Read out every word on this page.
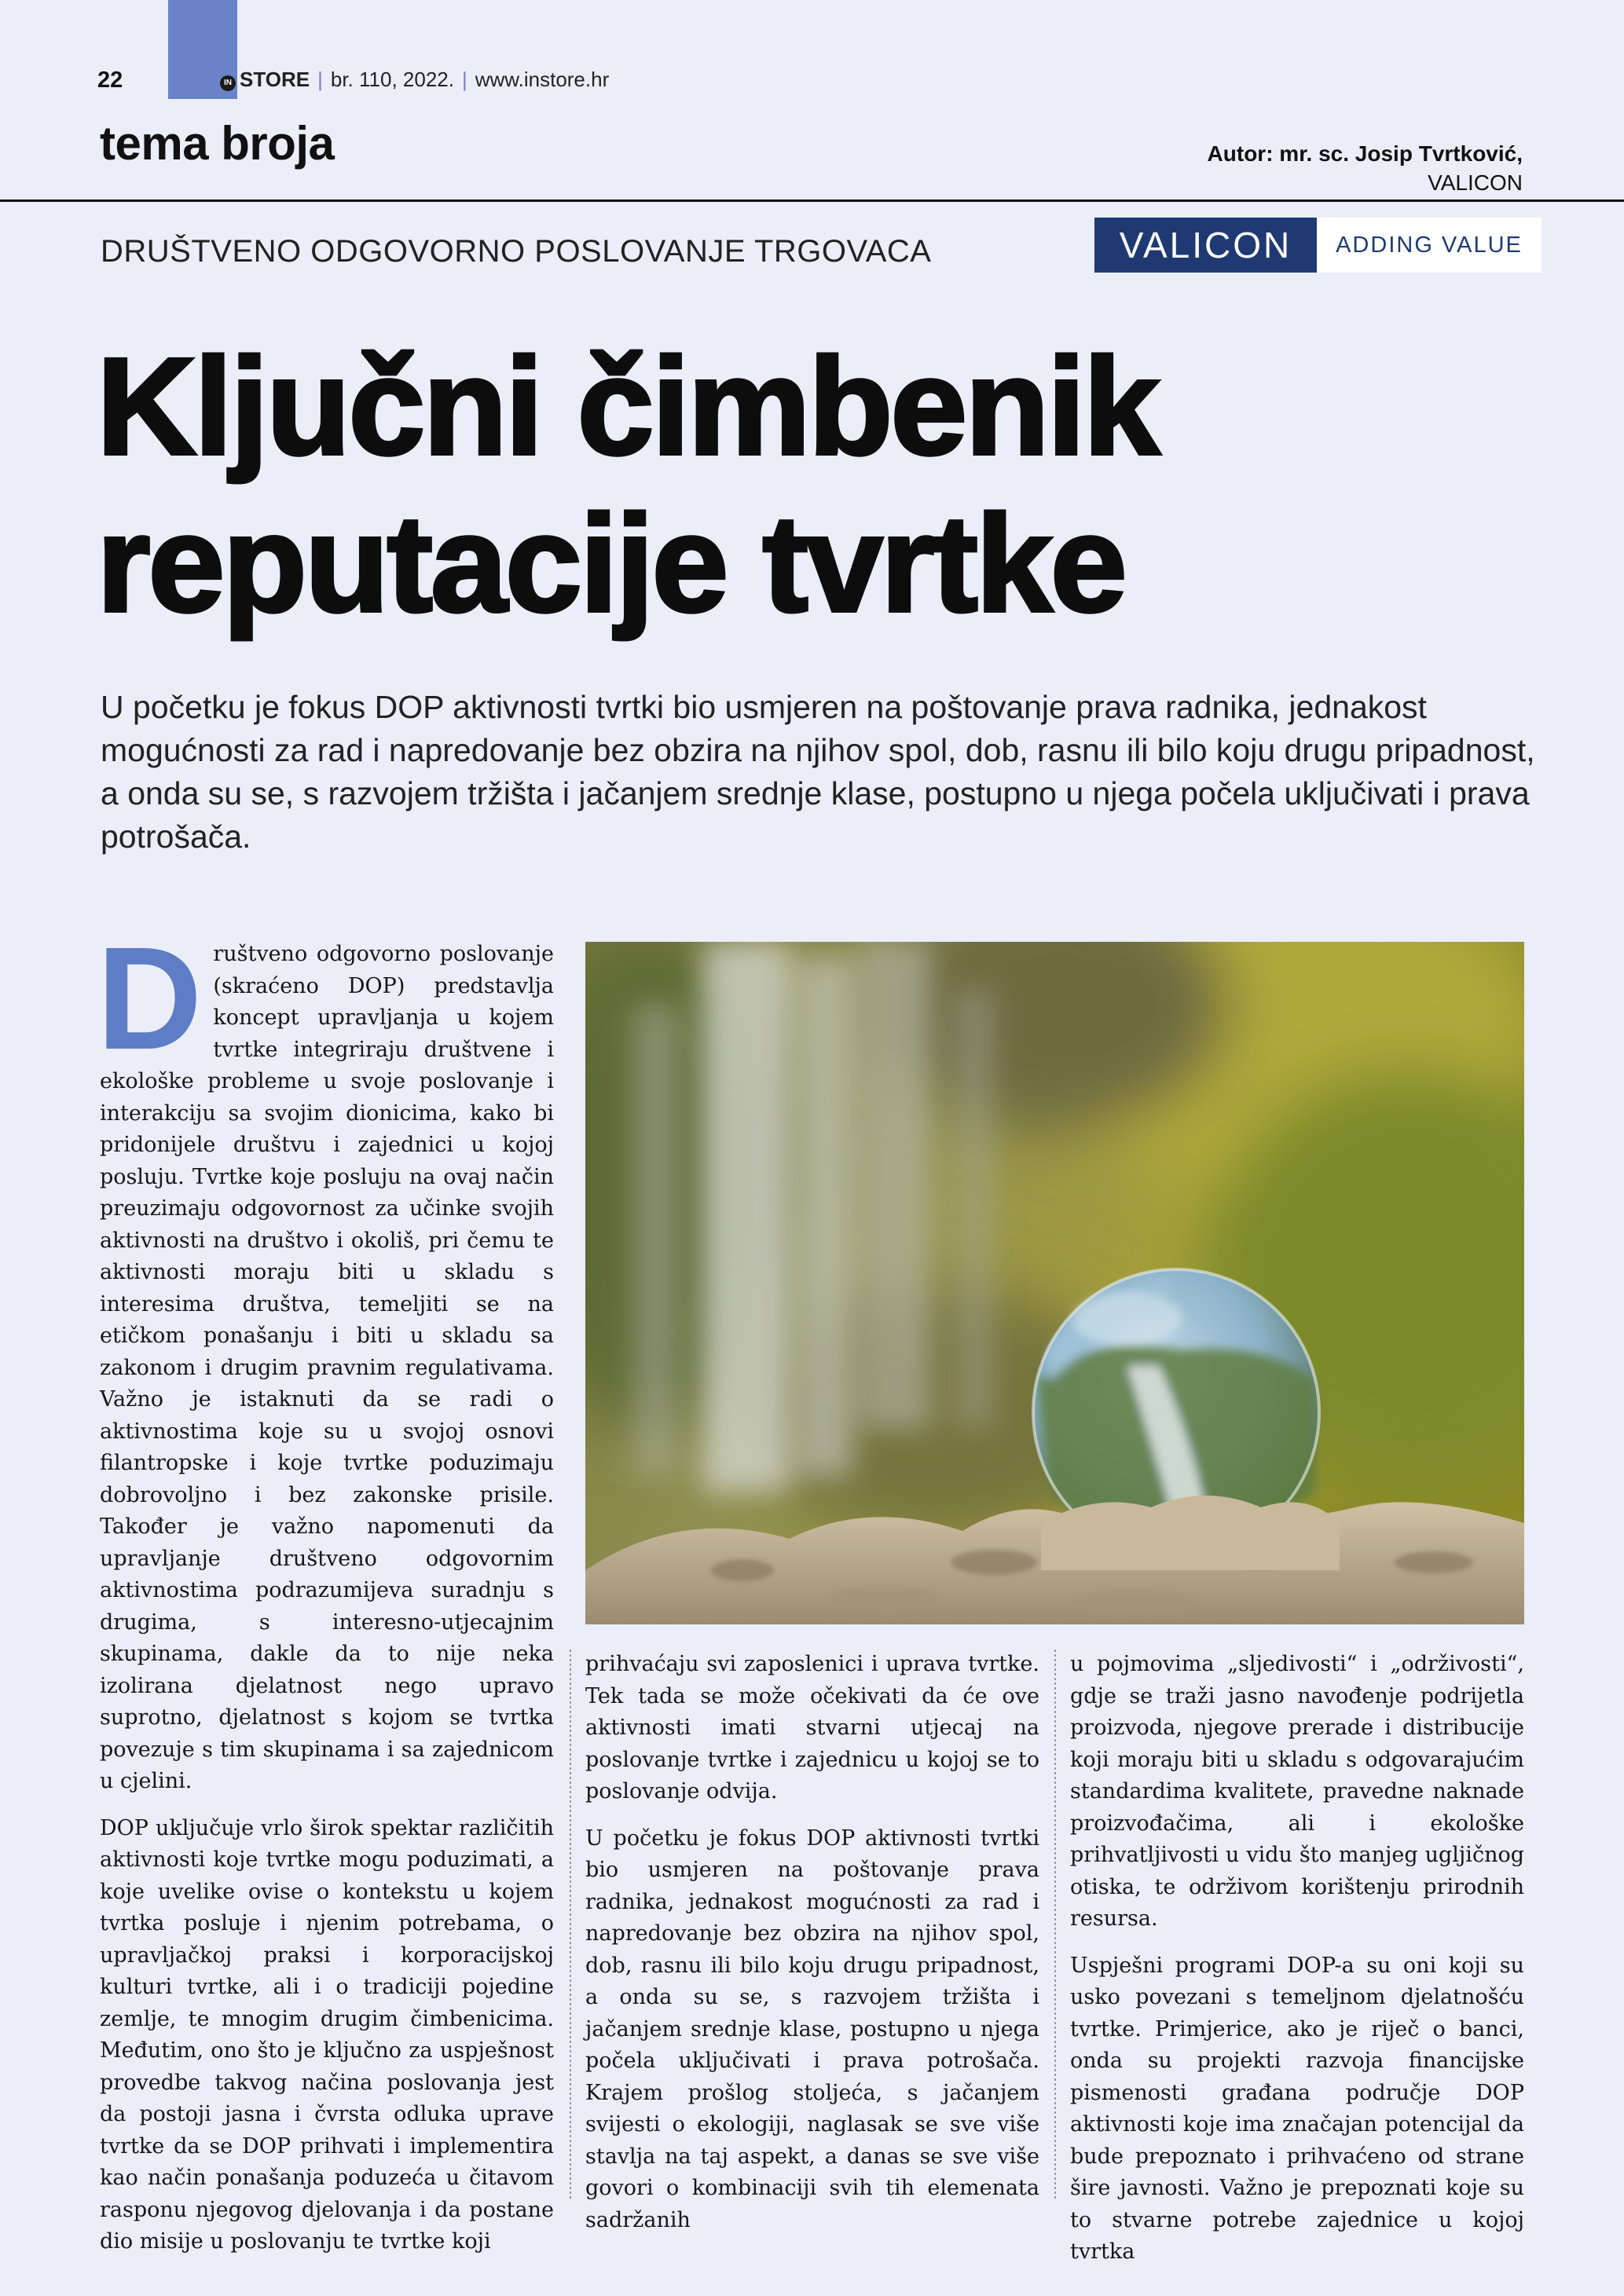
22	IN STORE | br. 110, 2022. | www.instore.hr
tema broja	Autor: mr. sc. Josip Tvrtković,
VALICON
DRUŠTVENO ODGOVORNO POSLOVANJE TRGOVACA	VALICON	ADDING VALUE
Ključni čimbenik
reputacije tvrtke

U početku je fokus DOP aktivnosti tvrtki bio usmjeren na poštovanje prava radnika, jednakost mogućnosti za rad i napredovanje bez obzira na njihov spol, dob, rasnu ili bilo koju drugu pripadnost, a onda su se, s razvojem tržišta i jačanjem srednje klase, postupno u njega počela uključivati i prava potrošača.

Društveno odgovorno poslovanje (skraćeno DOP) predstavlja koncept upravljanja u kojem tvrtke integriraju društvene i ekološke probleme u svoje poslovanje i interakciju sa svojim dionicima, kako bi pridonijele društvu i zajednici u kojoj posluju. Tvrtke koje posluju na ovaj način preuzimaju odgovornost za učinke svojih aktivnosti na društvo i okoliš, pri čemu te aktivnosti moraju biti u skladu s interesima društva, temeljiti se na etičkom ponašanju i biti u skladu sa zakonom i drugim pravnim regulativama. Važno je istaknuti da se radi o aktivnostima koje su u svojoj osnovi filantropske i koje tvrtke poduzimaju dobrovoljno i bez zakonske prisile. Također je važno napomenuti da upravljanje društveno odgovornim aktivnostima podrazumijeva suradnju s drugima, s interesno-utjecajnim skupinama, dakle da to nije neka izolirana djelatnost nego upravo suprotno, djelatnost s kojom se tvrtka povezuje s tim skupinama i sa zajednicom u cjelini.

DOP uključuje vrlo širok spektar različitih aktivnosti koje tvrtke mogu poduzimati, a koje uvelike ovise o kontekstu u kojem tvrtka posluje i njenim potrebama, o upravljačkoj praksi i korporacijskoj kulturi tvrtke, ali i o tradiciji pojedine zemlje, te mnogim drugim čimbenicima. Međutim, ono što je ključno za uspješnost provedbe takvog načina poslovanja jest da postoji jasna i čvrsta odluka uprave tvrtke da se DOP prihvati i implementira kao način ponašanja poduzeća u čitavom rasponu njegovog djelovanja i da postane dio misije u poslovanju te tvrtke koji

prihvaćaju svi zaposlenici i uprava tvrtke. Tek tada se može očekivati da će ove aktivnosti imati stvarni utjecaj na poslovanje tvrtke i zajednicu u kojoj se to poslovanje odvija.

U početku je fokus DOP aktivnosti tvrtki bio usmjeren na poštovanje prava radnika, jednakost mogućnosti za rad i napredovanje bez obzira na njihov spol, dob, rasnu ili bilo koju drugu pripadnost, a onda su se, s razvojem tržišta i jačanjem srednje klase, postupno u njega počela uključivati i prava potrošača. Krajem prošlog stoljeća, s jačanjem svijesti o ekologiji, naglasak se sve više stavlja na taj aspekt, a danas se sve više govori o kombinaciji svih tih elemenata sadržanih

u pojmovima „sljedivosti“ i „održivosti“, gdje se traži jasno navođenje podrijetla proizvoda, njegove prerade i distribucije koji moraju biti u skladu s odgovarajućim standardima kvalitete, pravedne naknade proizvođačima, ali i ekološke prihvatljivosti u vidu što manjeg ugljičnog otiska, te održivom korištenju prirodnih resursa.

Uspješni programi DOP-a su oni koji su usko povezani s temeljnom djelatnošću tvrtke. Primjerice, ako je riječ o banci, onda su projekti razvoja financijske pismenosti građana područje DOP aktivnosti koje ima značajan potencijal da bude prepoznato i prihvaćeno od strane šire javnosti. Važno je prepoznati koje su to stvarne potrebe zajednice u kojoj tvrtka
